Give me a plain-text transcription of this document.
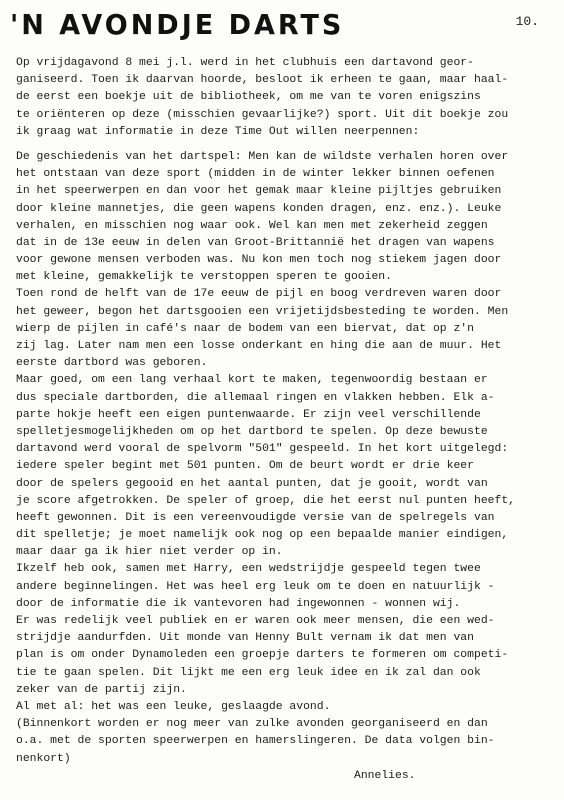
'N AVONDJE DARTS	10.
Op vrijdagavond 8 mei j.l. werd in het clubhuis een dartavond geor-
ganiseerd. Toen ik daarvan hoorde, besloot ik erheen te gaan, maar haal-
de eerst een boekje uit de bibliotheek, om me van te voren enigszins
te oriënteren op deze (misschien gevaarlijke?) sport. Uit dit boekje zou
ik graag wat informatie in deze Time Out willen neerpennen:
De geschiedenis van het dartspel: Men kan de wildste verhalen horen over
het ontstaan van deze sport (midden in de winter lekker binnen oefenen
in het speerwerpen en dan voor het gemak maar kleine pijltjes gebruiken
door kleine mannetjes, die geen wapens konden dragen, enz. enz.). Leuke
verhalen, en misschien nog waar ook. Wel kan men met zekerheid zeggen
dat in de 13e eeuw in delen van Groot-Brittannië het dragen van wapens
voor gewone mensen verboden was. Nu kon men toch nog stiekem jagen door
met kleine, gemakkelijk te verstoppen speren te gooien.
Toen rond de helft van de 17e eeuw de pijl en boog verdreven waren door
het geweer, begon het dartsgooien een vrijetijdsbesteding te worden. Men
wierp de pijlen in café's naar de bodem van een biervat, dat op z'n
zij lag. Later nam men een losse onderkant en hing die aan de muur. Het
eerste dartbord was geboren.
Maar goed, om een lang verhaal kort te maken, tegenwoordig bestaan er
dus speciale dartborden, die allemaal ringen en vlakken hebben. Elk a-
parte hokje heeft een eigen puntenwaarde. Er zijn veel verschillende
spelletjesmogelijkheden om op het dartbord te spelen. Op deze bewuste
dartavond werd vooral de spelvorm "501" gespeeld. In het kort uitgelegd:
iedere speler begint met 501 punten. Om de beurt wordt er drie keer
door de spelers gegooid en het aantal punten, dat je gooit, wordt van
je score afgetrokken. De speler of groep, die het eerst nul punten heeft,
heeft gewonnen. Dit is een vereenvoudigde versie van de spelregels van
dit spelletje; je moet namelijk ook nog op een bepaalde manier eindigen,
maar daar ga ik hier niet verder op in.
Ikzelf heb ook, samen met Harry, een wedstrijdje gespeeld tegen twee
andere beginnelingen. Het was heel erg leuk om te doen en natuurlijk -
door de informatie die ik vantevoren had ingewonnen - wonnen wij.
Er was redelijk veel publiek en er waren ook meer mensen, die een wed-
strijdje aandurfden. Uit monde van Henny Bult vernam ik dat men van
plan is om onder Dynamoleden een groepje darters te formeren om competi-
tie te gaan spelen. Dit lijkt me een erg leuk idee en ik zal dan ook
zeker van de partij zijn.
Al met al: het was een leuke, geslaagde avond.
(Binnenkort worden er nog meer van zulke avonden georganiseerd en dan
o.a. met de sporten speerwerpen en hamerslingeren. De data volgen bin-
nenkort)
Annelies.
